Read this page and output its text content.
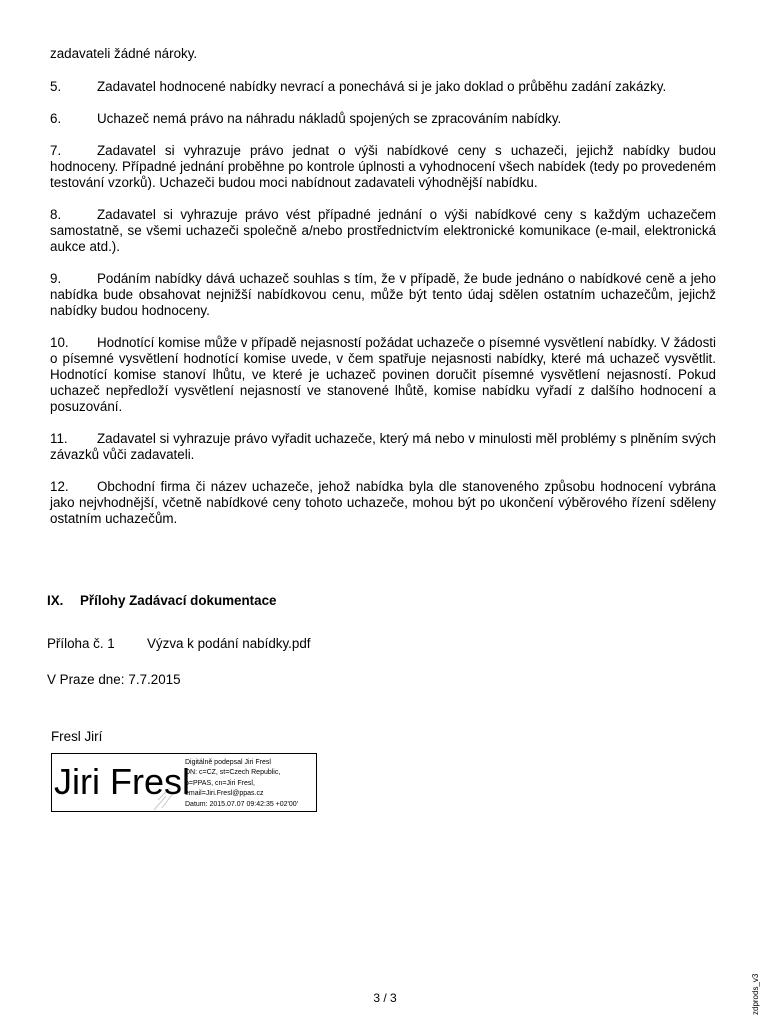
zadavateli žádné nároky.
5.	Zadavatel hodnocené nabídky nevrací a ponechává si je jako doklad o průběhu zadání zakázky.
6.	Uchazeč nemá právo na náhradu nákladů spojených se zpracováním nabídky.
7.	Zadavatel si vyhrazuje právo jednat o výši nabídkové ceny s uchazeči, jejichž nabídky budou hodnoceny. Případné jednání proběhne po kontrole úplnosti a vyhodnocení všech nabídek (tedy po provedeném testování vzorků). Uchazeči budou moci nabídnout zadavateli výhodnější nabídku.
8.	Zadavatel si vyhrazuje právo vést případné jednání o výši nabídkové ceny s každým uchazečem samostatně, se všemi uchazeči společně a/nebo prostřednictvím elektronické komunikace (e-mail, elektronická aukce atd.).
9.	Podáním nabídky dává uchazeč souhlas s tím, že v případě, že bude jednáno o nabídkové ceně a jeho nabídka bude obsahovat nejnižší nabídkovou cenu, může být tento údaj sdělen ostatním uchazečům, jejichž nabídky budou hodnoceny.
10. Hodnotící komise může v případě nejasností požádat uchazeče o písemné vysvětlení nabídky. V žádosti o písemné vysvětlení hodnotící komise uvede, v čem spatřuje nejasnosti nabídky, které má uchazeč vysvětlit. Hodnotící komise stanoví lhůtu, ve které je uchazeč povinen doručit písemné vysvětlení nejasností. Pokud uchazeč nepředloží vysvětlení nejasností ve stanovené lhůtě, komise nabídku vyřadí z dalšího hodnocení a posuzování.
11. Zadavatel si vyhrazuje právo vyřadit uchazeče, který má nebo v minulosti měl problémy s plněním svých závazků vůči zadavateli.
12. Obchodní firma či název uchazeče, jehož nabídka byla dle stanoveného způsobu hodnocení vybrána jako nejvhodnější, včetně nabídkové ceny tohoto uchazeče, mohou být po ukončení výběrového řízení sděleny ostatním uchazečům.
IX. Přílohy Zadávací dokumentace
Příloha č. 1 Výzva k podání nabídky.pdf
V Praze dne: 7.7.2015
Fresl Jirí
Jiri Fresl
Digitálně podepsal Jiri Fresl
DN: c=CZ, st=Czech Republic,
o=PPAS, cn=Jiri Fresl,
email=Jiri.Fresl@ppas.cz
Datum: 2015.07.07 09:42:35 +02'00'
3 / 3	zdprods_v3
